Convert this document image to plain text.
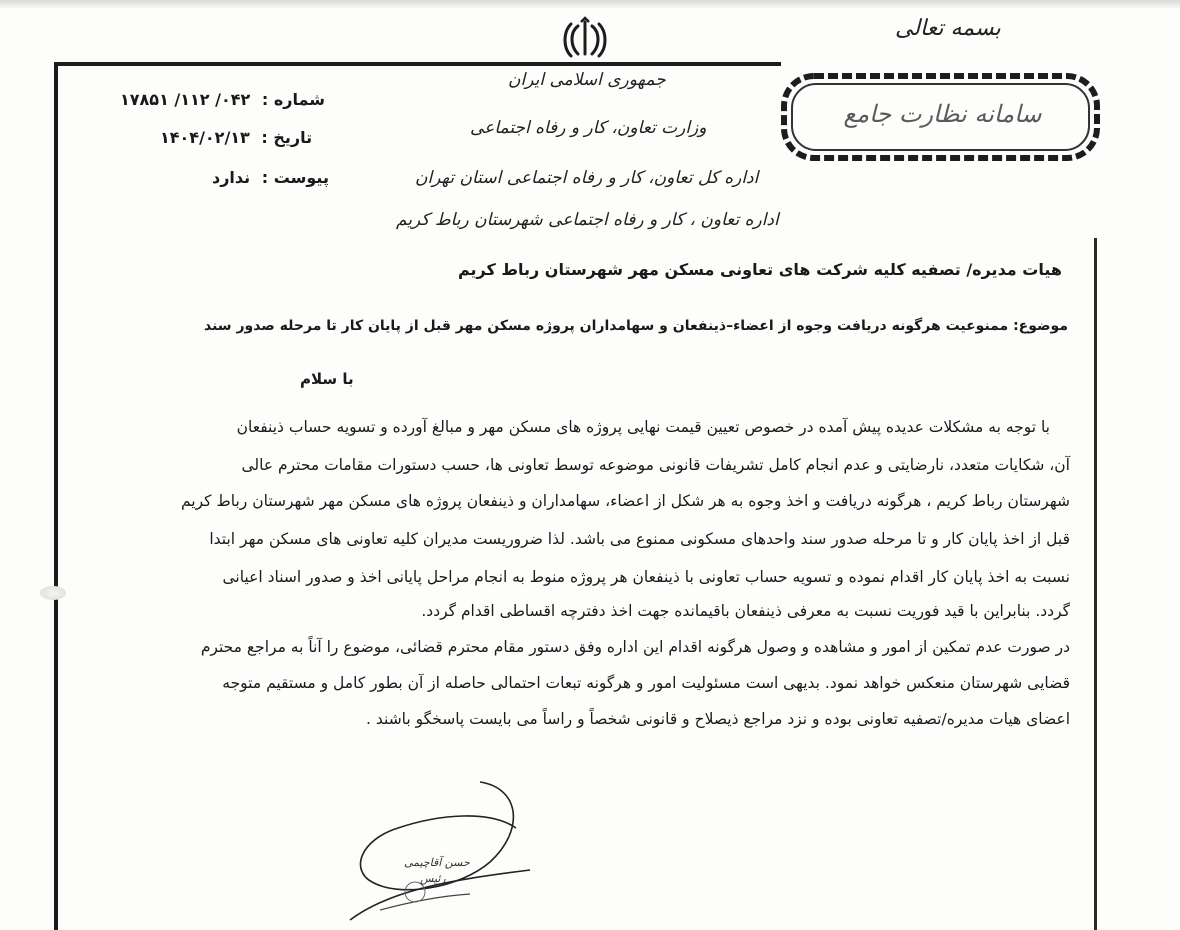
بسمه تعالی
جمهوری اسلامی ایران
وزارت تعاون، کار و رفاه اجتماعی
اداره کل تعاون، کار و رفاه اجتماعی استان تهران
اداره تعاون ، کار و رفاه اجتماعی شهرستان رباط کریم
شماره : ۰۴۲/ ۱۱۲/ ۱۷۸۵۱
تاریخ : ۱۴۰۴/۰۲/۱۳
پیوست : ندارد
سامانه نظارت جامع
هیات مدیره/ تصفیه کلیه شرکت های تعاونی مسکن مهر شهرستان رباط کریم
موضوع: ممنوعیت هرگونه دریافت وجوه از اعضاء–ذینفعان و سهامداران پروژه مسکن مهر قبل از پایان کار تا مرحله صدور سند
با سلام
با توجه به مشکلات عدیده پیش آمده در خصوص تعیین قیمت نهایی پروژه های مسکن مهر و مبالغ آورده و تسویه حساب ذینفعان
آن، شکایات متعدد، نارضایتی و عدم انجام کامل تشریفات قانونی موضوعه توسط تعاونی ها، حسب دستورات مقامات محترم عالی
شهرستان رباط کریم ، هرگونه دریافت و اخذ وجوه به هر شکل از اعضاء، سهامداران و ذینفعان پروژه های مسکن مهر شهرستان رباط کریم
قبل از اخذ پایان کار و تا مرحله صدور سند واحدهای مسکونی ممنوع می باشد. لذا ضروریست مدیران کلیه تعاونی های مسکن مهر ابتدا
نسبت به اخذ پایان کار اقدام نموده و تسویه حساب تعاونی با ذینفعان هر پروژه منوط به انجام مراحل پایانی اخذ و صدور اسناد اعیانی
گردد. بنابراین با قید فوریت نسبت به معرفی ذینفعان باقیمانده جهت اخذ دفترچه اقساطی اقدام گردد.
در صورت عدم تمکین از امور و مشاهده و وصول هرگونه اقدام این اداره وفق دستور مقام محترم قضائی، موضوع را آناً به مراجع محترم
قضایی شهرستان منعکس خواهد نمود. بدیهی است مسئولیت امور و هرگونه تبعات احتمالی حاصله از آن بطور کامل و مستقیم متوجه
اعضای هیات مدیره/تصفیه تعاونی بوده و نزد مراجع ذیصلاح و قانونی شخصاً و راساً می بایست پاسخگو باشند .
حسن آقاچیمی
رئیس
